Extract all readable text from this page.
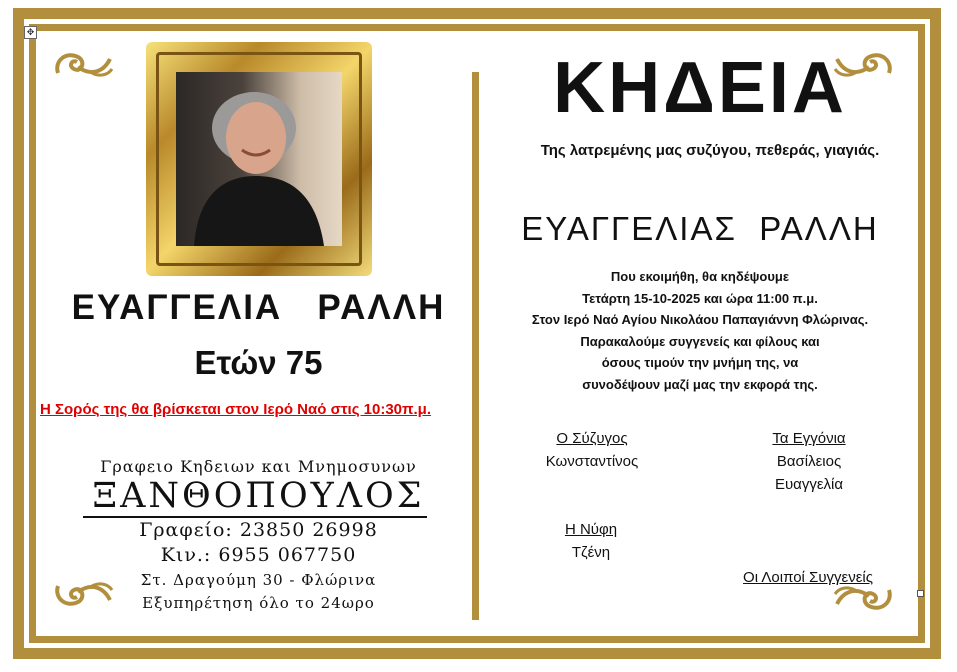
✥
ΕΥΑΓΓΕΛΙΑ   ΡΑΛΛΗ
Ετών 75
Η Σορός της θα βρίσκεται στον Ιερό Ναό στις 10:30π.μ.
Γραφειο Κηδειων και Μνημοσυνων
ΞΑΝΘΟΠΟΥΛΟΣ
Γραφείο: 23850 26998
Κιν.: 6955 067750
Στ. Δραγούμη 30 - Φλώρινα
Εξυπηρέτηση όλο το 24ωρο
ΚΗΔΕΙΑ
Της λατρεμένης μας συζύγου, πεθεράς, γιαγιάς.
ΕΥΑΓΓΕΛΙΑΣ  ΡΑΛΛΗ
Που εκοιμήθη, θα κηδέψουμε
Τετάρτη 15-10-2025 και ώρα 11:00 π.μ.
Στον Ιερό Ναό Αγίου Νικολάου Παπαγιάννη Φλώρινας.
Παρακαλούμε συγγενείς και φίλους και
όσους τιμούν την μνήμη της, να
συνοδέψουν μαζί μας την εκφορά της.
Ο Σύζυγος
Κωνσταντίνος
Τα Εγγόνια
Βασίλειος
Ευαγγελία
Η Νύφη
Τζένη
Οι Λοιποί Συγγενείς
